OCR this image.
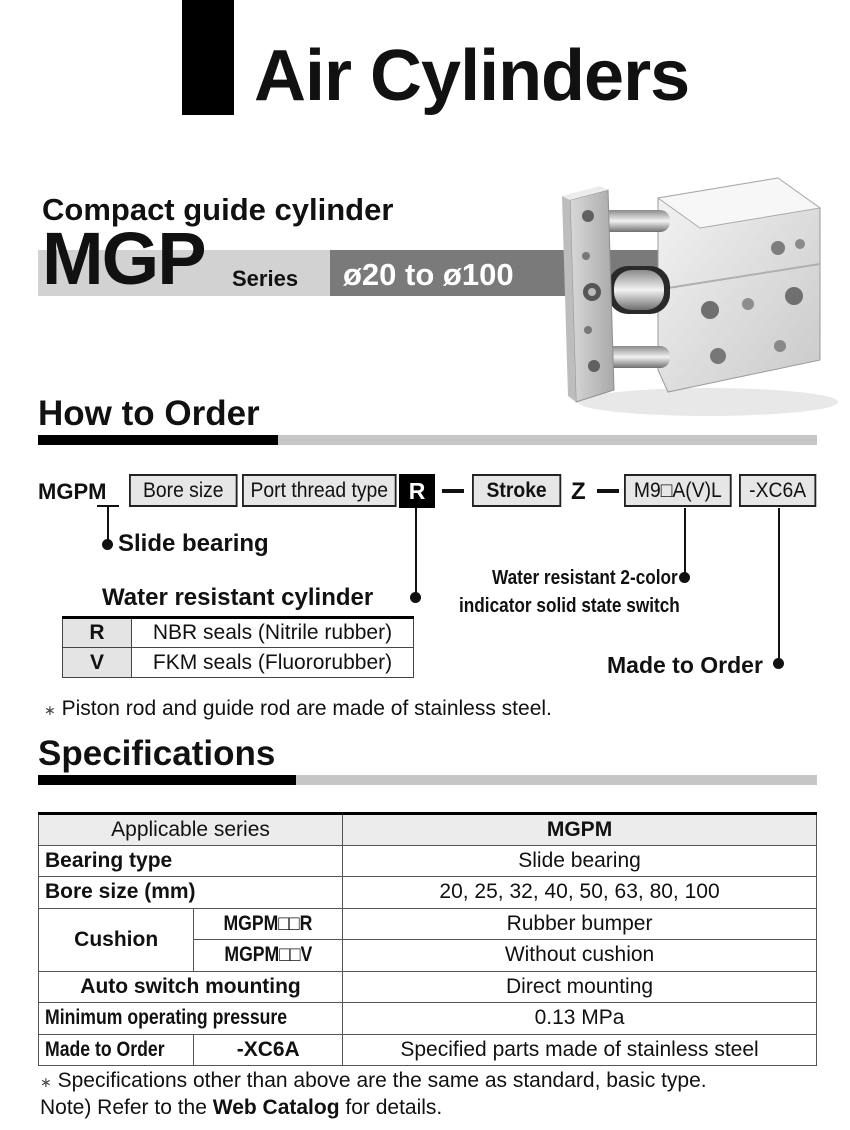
Air Cylinders
Compact guide cylinder
MGP Series ø20 to ø100
How to Order
MGPM	Bore size	Port thread type R	Stroke	Z	M9□A(V)L	-XC6A
Slide bearing
Water resistant cylinder
Water resistant 2-color
indicator solid state switch
Made to Order
R	NBR seals (Nitrile rubber)
V	FKM seals (Fluororubber)
∗ Piston rod and guide rod are made of stainless steel.
Specifications
Applicable series		MGPM
Bearing type		Slide bearing
Bore size (mm)		20, 25, 32, 40, 50, 63, 80, 100
Cushion	MGPM□□R	Rubber bumper
	MGPM□□V	Without cushion
Auto switch mounting		Direct mounting
Minimum operating pressure		0.13 MPa
Made to Order	-XC6A	Specified parts made of stainless steel
∗ Specifications other than above are the same as standard, basic type.
Note) Refer to the Web Catalog for details.
